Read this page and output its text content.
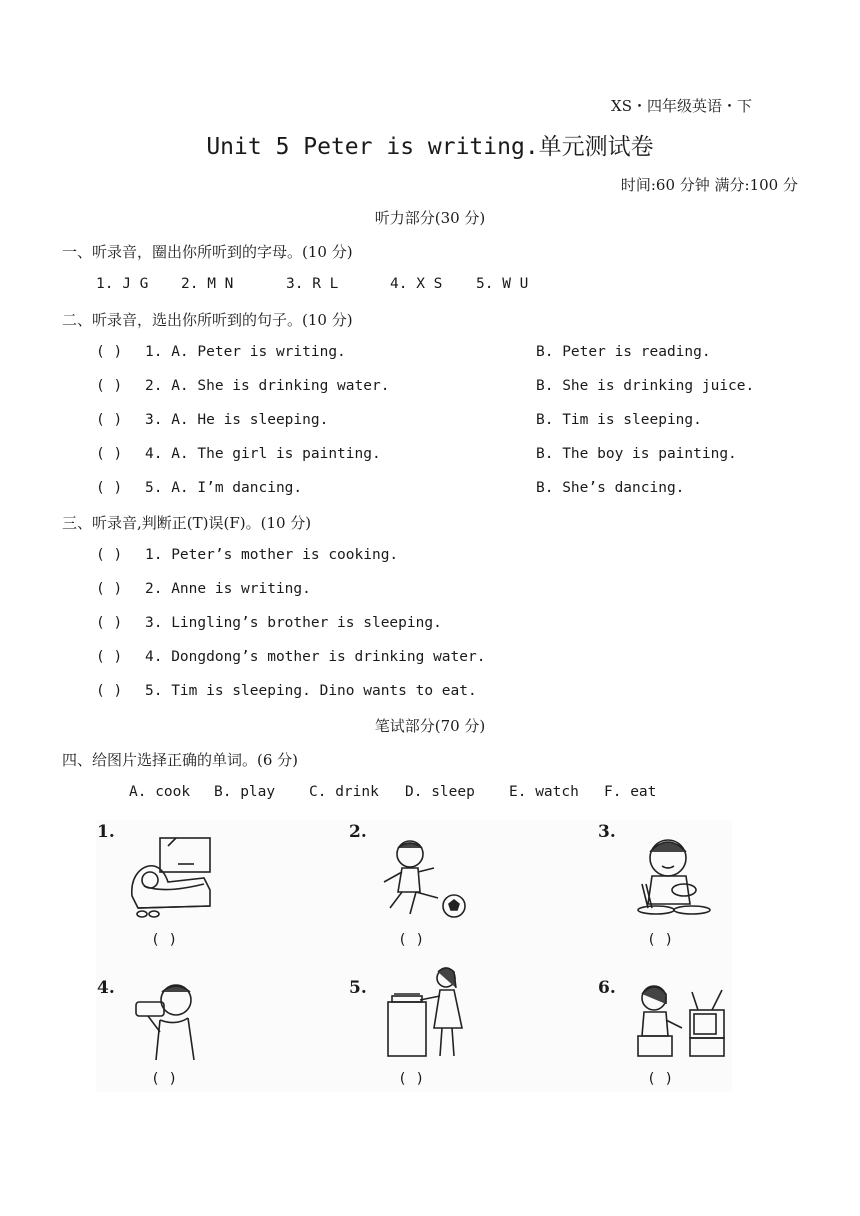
XS・四年级英语・下
Unit 5 Peter is writing.单元测试卷
时间:60 分钟 满分:100 分
听力部分(30 分)
一、听录音，圈出你所听到的字母。(10 分)
1. J G 2. M N	3. R L	4. X S 5. W U
二、听录音，选出你所听到的句子。(10 分)
( ) 1. A. Peter is writing.	B. Peter is reading.
( ) 2. A. She is drinking water.	B. She is drinking juice.
( ) 3. A. He is sleeping.	B. Tim is sleeping.
( ) 4. A. The girl is painting.	B. The boy is painting.
( ) 5. A. I’m dancing.	B. She’s dancing.
三、听录音,判断正(T)误(F)。(10 分)
( ) 1. Peter’s mother is cooking.
( ) 2. Anne is writing.
( ) 3. Lingling’s brother is sleeping.
( ) 4. Dongdong’s mother is drinking water.
( ) 5. Tim is sleeping. Dino wants to eat.
笔试部分(70 分)
四、给图片选择正确的单词。(6 分)
A. cook B. play C. drink D. sleep E. watch F. eat
1.
( )
2.
( )
3.
( )
4.
( )
5.
( )
6.
( )
